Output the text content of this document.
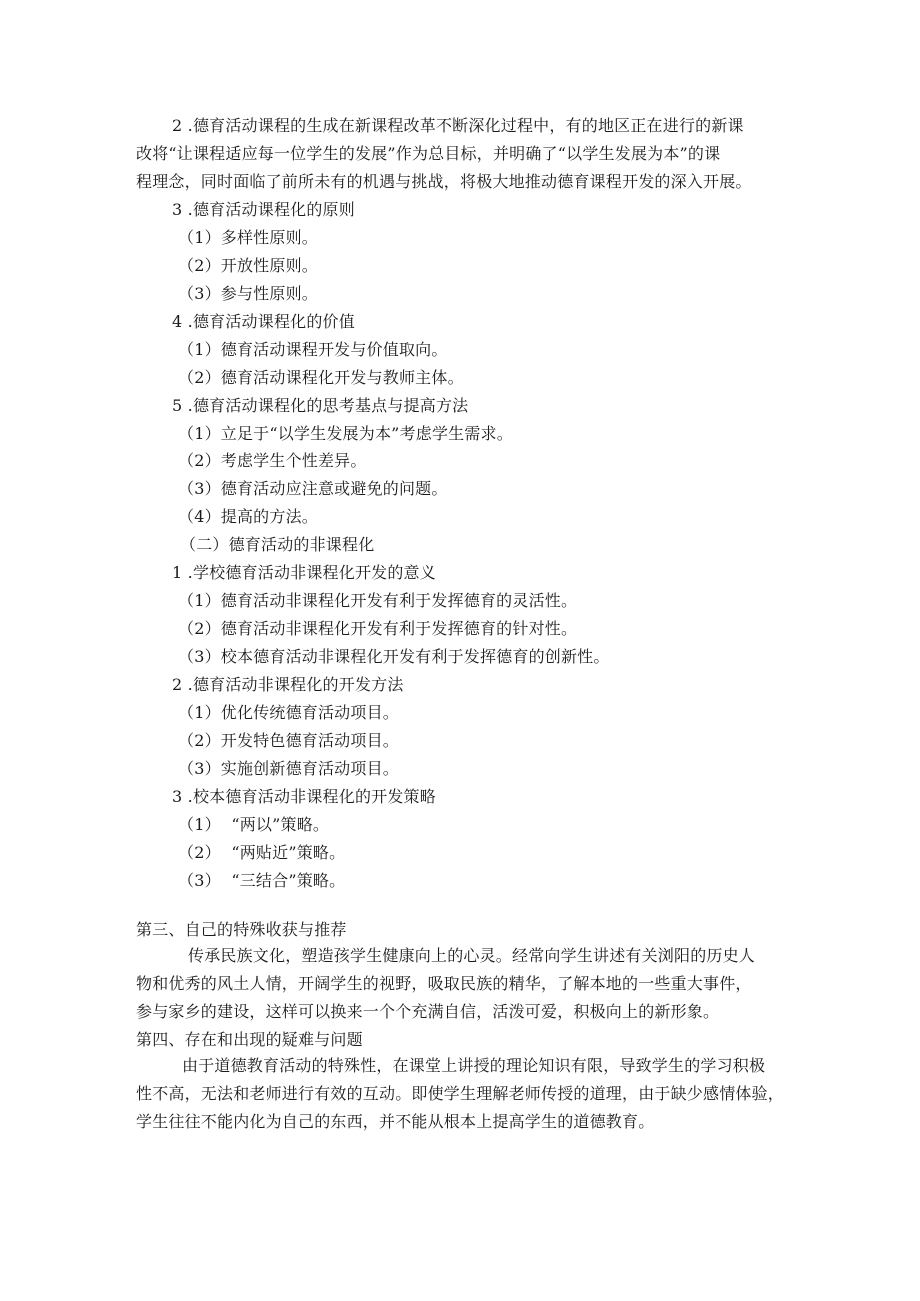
2 .德育活动课程的生成在新课程改革不断深化过程中，有的地区正在进行的新课
改将“让课程适应每一位学生的发展”作为总目标，并明确了“以学生发展为本”的课
程理念，同时面临了前所未有的机遇与挑战，将极大地推动德育课程开发的深入开展。
3 .德育活动课程化的原则
（1）多样性原则。
（2）开放性原则。
（3）参与性原则。
4 .德育活动课程化的价值
（1）德育活动课程开发与价值取向。
（2）德育活动课程化开发与教师主体。
5 .德育活动课程化的思考基点与提高方法
（1）立足于“以学生发展为本”考虑学生需求。
（2）考虑学生个性差异。
（3）德育活动应注意或避免的问题。
（4）提高的方法。
（二）德育活动的非课程化
1 .学校德育活动非课程化开发的意义
（1）德育活动非课程化开发有利于发挥德育的灵活性。
（2）德育活动非课程化开发有利于发挥德育的针对性。
（3）校本德育活动非课程化开发有利于发挥德育的创新性。
2 .德育活动非课程化的开发方法
（1）优化传统德育活动项目。
（2）开发特色德育活动项目。
（3）实施创新德育活动项目。
3 .校本德育活动非课程化的开发策略
（1）  “两以”策略。
（2）  “两贴近”策略。
（3）  “三结合”策略。
第三、自己的特殊收获与推荐
传承民族文化，塑造孩学生健康向上的心灵。经常向学生讲述有关浏阳的历史人
物和优秀的风土人情，开阔学生的视野，吸取民族的精华，了解本地的一些重大事件，
参与家乡的建设，这样可以换来一个个充满自信，活泼可爱，积极向上的新形象。
第四、存在和出现的疑难与问题
由于道德教育活动的特殊性，在课堂上讲授的理论知识有限，导致学生的学习积极
性不高，无法和老师进行有效的互动。即使学生理解老师传授的道理，由于缺少感情体验，
学生往往不能内化为自己的东西，并不能从根本上提高学生的道德教育。
